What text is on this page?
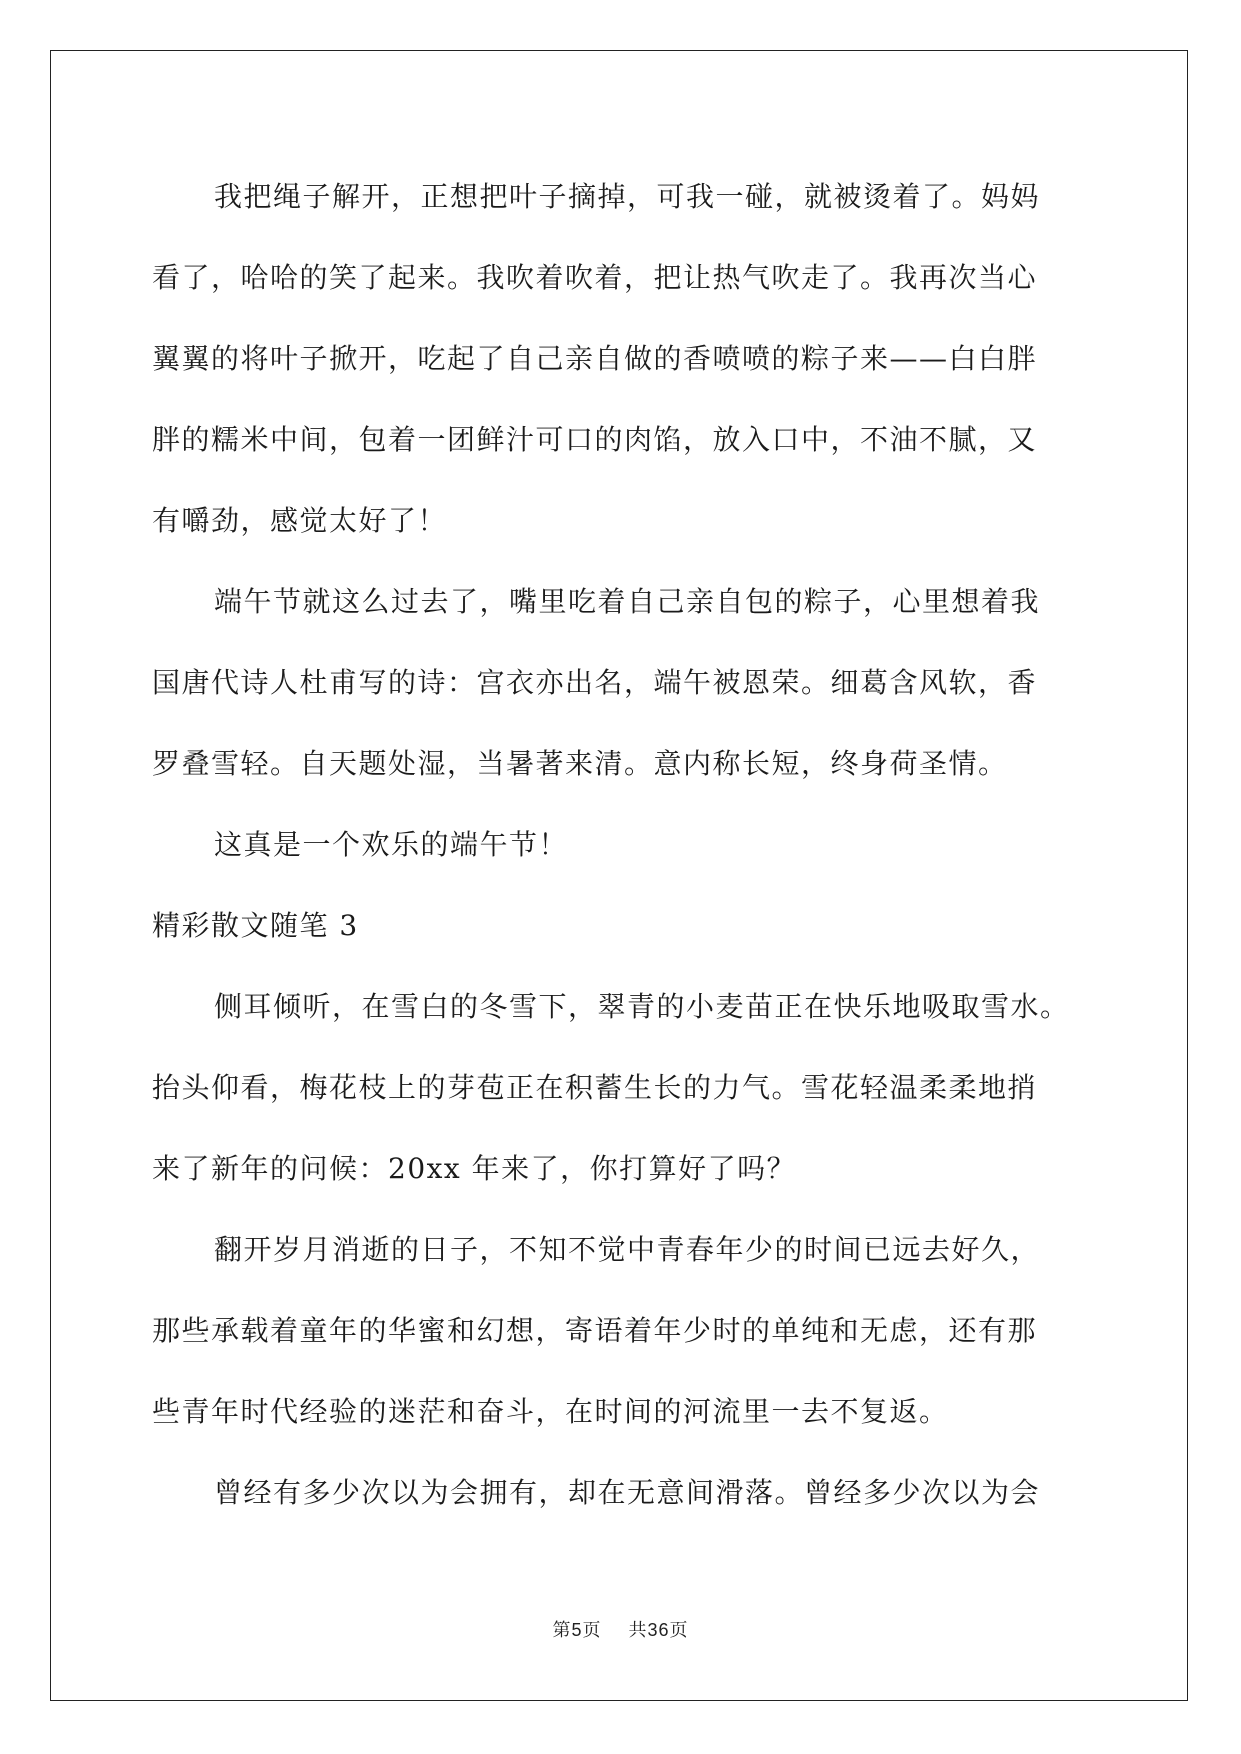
我把绳子解开，正想把叶子摘掉，可我一碰，就被烫着了。妈妈
看了，哈哈的笑了起来。我吹着吹着，把让热气吹走了。我再次当心
翼翼的将叶子掀开，吃起了自己亲自做的香喷喷的粽子来——白白胖
胖的糯米中间，包着一团鲜汁可口的肉馅，放入口中，不油不腻，又
有嚼劲，感觉太好了！
端午节就这么过去了，嘴里吃着自己亲自包的粽子，心里想着我
国唐代诗人杜甫写的诗：宫衣亦出名，端午被恩荣。细葛含风软，香
罗叠雪轻。自天题处湿，当暑著来清。意内称长短，终身荷圣情。
这真是一个欢乐的端午节！
精彩散文随笔 3
侧耳倾听，在雪白的冬雪下，翠青的小麦苗正在快乐地吸取雪水。
抬头仰看，梅花枝上的芽苞正在积蓄生长的力气。雪花轻温柔柔地捎
来了新年的问候：20xx 年来了，你打算好了吗？
翻开岁月消逝的日子，不知不觉中青春年少的时间已远去好久，
那些承载着童年的华蜜和幻想，寄语着年少时的单纯和无虑，还有那
些青年时代经验的迷茫和奋斗，在时间的河流里一去不复返。
曾经有多少次以为会拥有，却在无意间滑落。曾经多少次以为会
第5页 共36页
